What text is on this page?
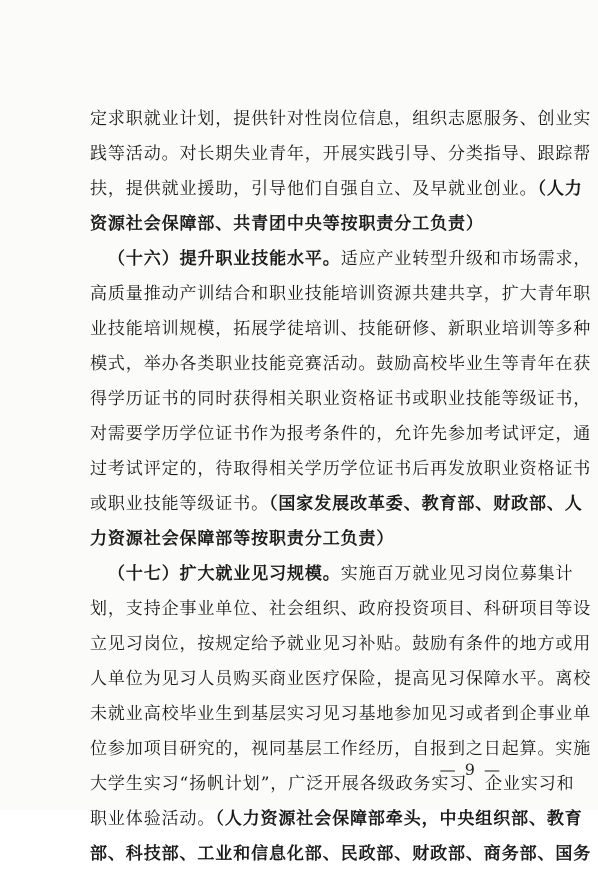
定求职就业计划，提供针对性岗位信息，组织志愿服务、创业实
践等活动。对长期失业青年，开展实践引导、分类指导、跟踪帮
扶，提供就业援助，引导他们自强自立、及早就业创业。（人力
资源社会保障部、共青团中央等按职责分工负责）
（十六）提升职业技能水平。适应产业转型升级和市场需求，
高质量推动产训结合和职业技能培训资源共建共享，扩大青年职
业技能培训规模，拓展学徒培训、技能研修、新职业培训等多种
模式，举办各类职业技能竞赛活动。鼓励高校毕业生等青年在获
得学历证书的同时获得相关职业资格证书或职业技能等级证书，
对需要学历学位证书作为报考条件的，允许先参加考试评定，通
过考试评定的，待取得相关学历学位证书后再发放职业资格证书
或职业技能等级证书。（国家发展改革委、教育部、财政部、人
力资源社会保障部等按职责分工负责）
（十七）扩大就业见习规模。实施百万就业见习岗位募集计
划，支持企事业单位、社会组织、政府投资项目、科研项目等设
立见习岗位，按规定给予就业见习补贴。鼓励有条件的地方或用
人单位为见习人员购买商业医疗保险，提高见习保障水平。离校
未就业高校毕业生到基层实习见习基地参加见习或者到企事业单
位参加项目研究的，视同基层工作经历，自报到之日起算。实施
大学生实习“扬帆计划”，广泛开展各级政务实习、企业实习和
职业体验活动。（人力资源社会保障部牵头，中央组织部、教育
部、科技部、工业和信息化部、民政部、财政部、商务部、国务
— 9 —
